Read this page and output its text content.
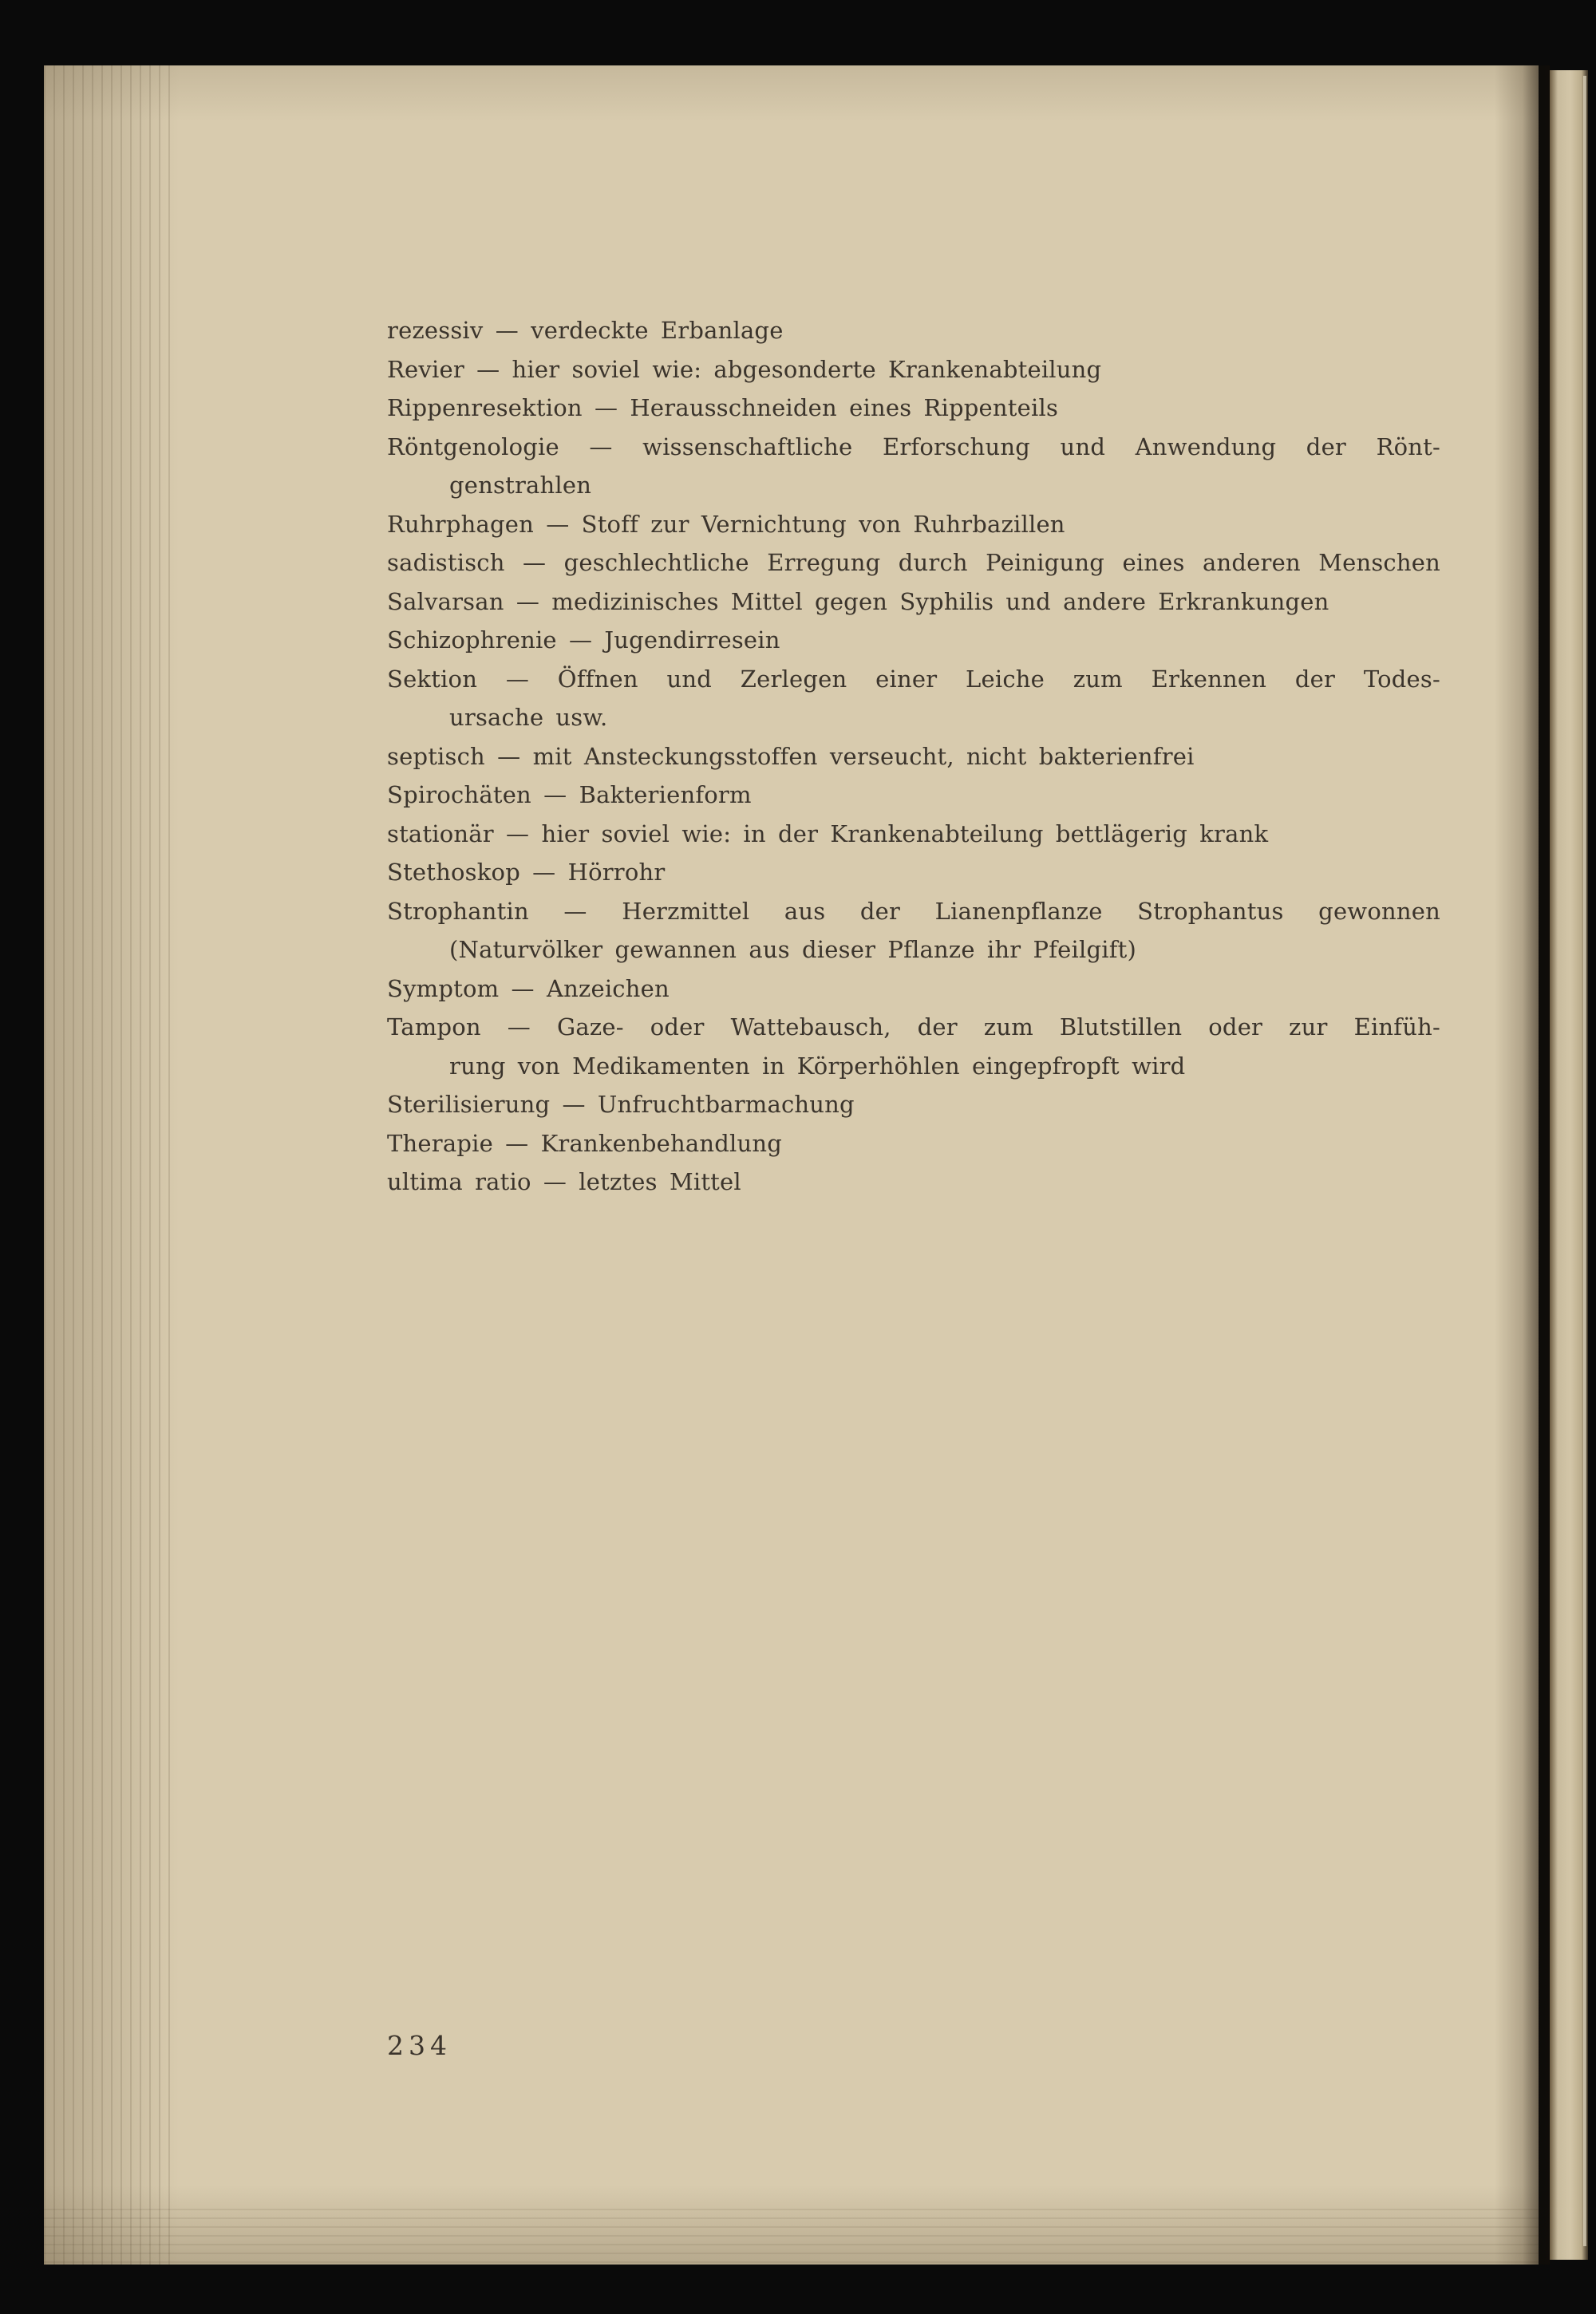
rezessiv — verdeckte Erbanlage
Revier — hier soviel wie: abgesonderte Krankenabteilung
Rippenresektion — Herausschneiden eines Rippenteils
Röntgenologie — wissenschaftliche Erforschung und Anwendung der Rönt-
genstrahlen
Ruhrphagen — Stoff zur Vernichtung von Ruhrbazillen
sadistisch — geschlechtliche Erregung durch Peinigung eines anderen Menschen
Salvarsan — medizinisches Mittel gegen Syphilis und andere Erkrankungen
Schizophrenie — Jugendirresein
Sektion — Öffnen und Zerlegen einer Leiche zum Erkennen der Todes-
ursache usw.
septisch — mit Ansteckungsstoffen verseucht, nicht bakterienfrei
Spirochäten — Bakterienform
stationär — hier soviel wie: in der Krankenabteilung bettlägerig krank
Stethoskop — Hörrohr
Strophantin — Herzmittel aus der Lianenpflanze Strophantus gewonnen
(Naturvölker gewannen aus dieser Pflanze ihr Pfeilgift)
Symptom — Anzeichen
Tampon — Gaze- oder Wattebausch, der zum Blutstillen oder zur Einfüh-
rung von Medikamenten in Körperhöhlen eingepfropft wird
Sterilisierung — Unfruchtbarmachung
Therapie — Krankenbehandlung
ultima ratio — letztes Mittel
234
